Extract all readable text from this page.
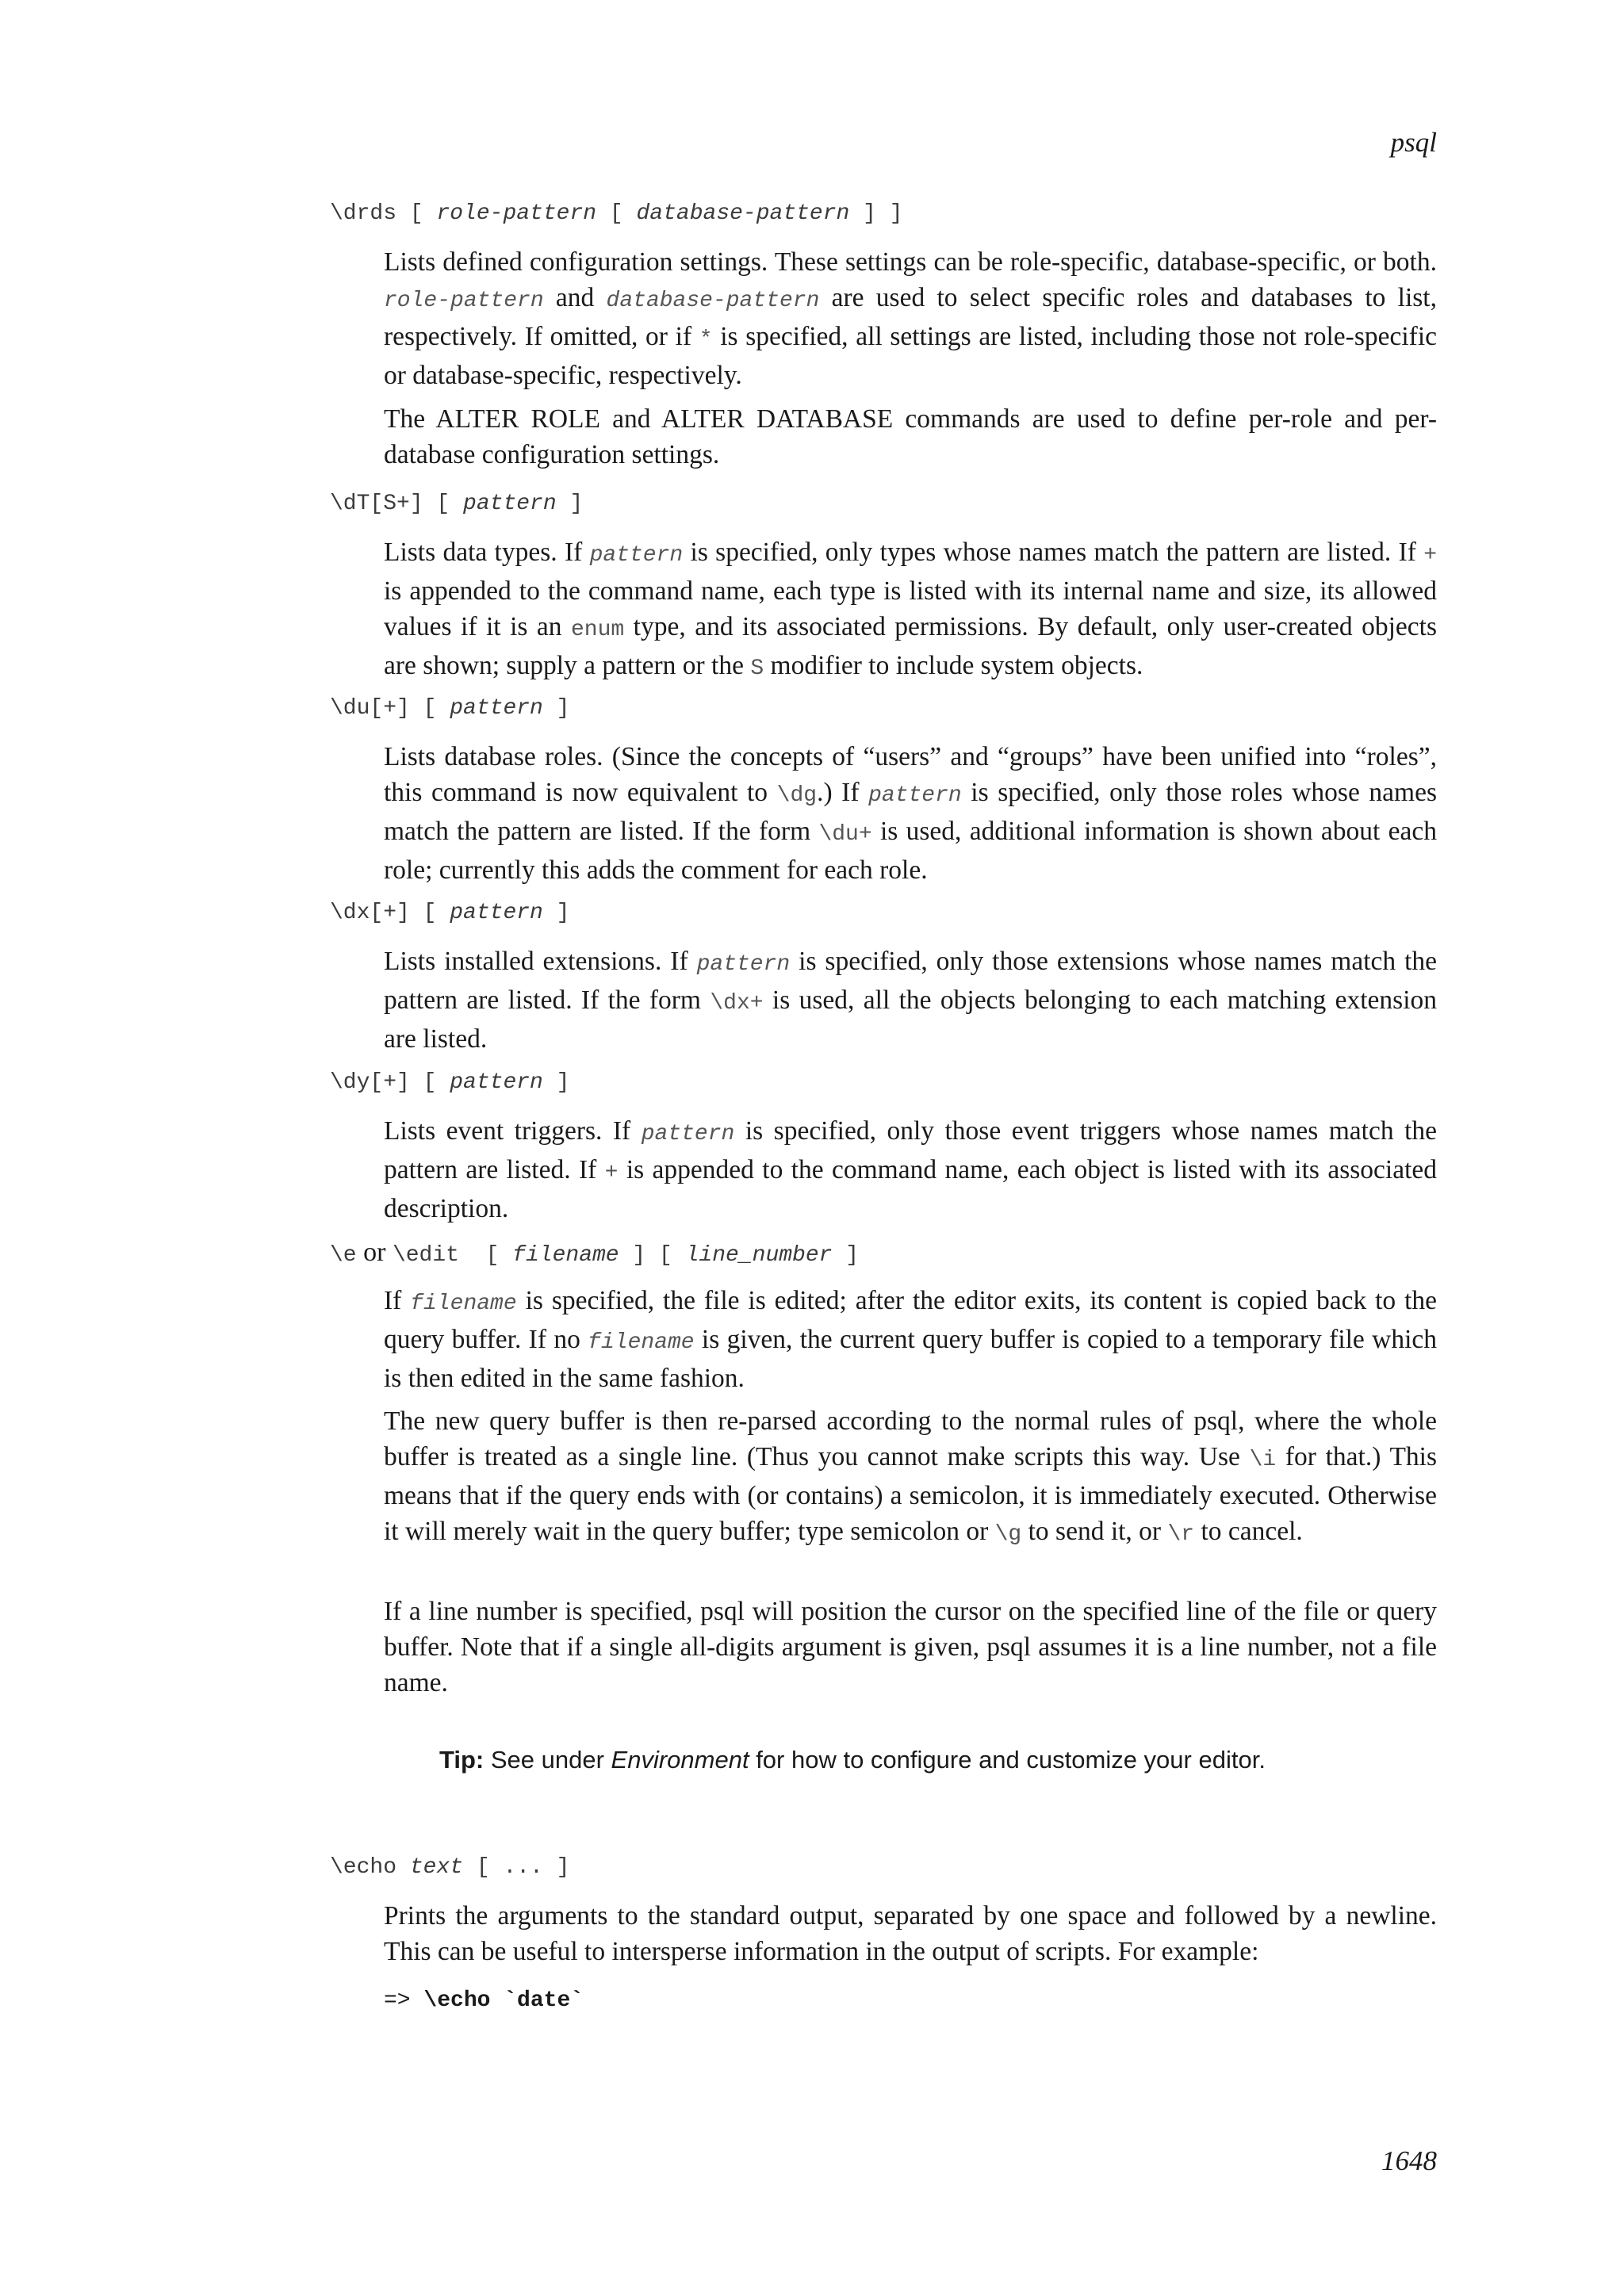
psql
\drds [ role-pattern [ database-pattern ] ]

Lists defined configuration settings. These settings can be role-specific, database-specific, or both. role-pattern and database-pattern are used to select specific roles and databases to list, respectively. If omitted, or if * is specified, all settings are listed, including those not role-specific or database-specific, respectively.

The ALTER ROLE and ALTER DATABASE commands are used to define per-role and per-database configuration settings.

\dT[S+] [ pattern ]

Lists data types. If pattern is specified, only types whose names match the pattern are listed. If + is appended to the command name, each type is listed with its internal name and size, its allowed values if it is an enum type, and its associated permissions. By default, only user-created objects are shown; supply a pattern or the S modifier to include system objects.

\du[+] [ pattern ]

Lists database roles. (Since the concepts of “users” and “groups” have been unified into “roles”, this command is now equivalent to \dg.) If pattern is specified, only those roles whose names match the pattern are listed. If the form \du+ is used, additional information is shown about each role; currently this adds the comment for each role.

\dx[+] [ pattern ]

Lists installed extensions. If pattern is specified, only those extensions whose names match the pattern are listed. If the form \dx+ is used, all the objects belonging to each matching extension are listed.

\dy[+] [ pattern ]

Lists event triggers. If pattern is specified, only those event triggers whose names match the pattern are listed. If + is appended to the command name, each object is listed with its associated description.

\e or \edit  [ filename ] [ line_number ]

If filename is specified, the file is edited; after the editor exits, its content is copied back to the query buffer. If no filename is given, the current query buffer is copied to a temporary file which is then edited in the same fashion.

The new query buffer is then re-parsed according to the normal rules of psql, where the whole buffer is treated as a single line. (Thus you cannot make scripts this way. Use \i for that.) This means that if the query ends with (or contains) a semicolon, it is immediately executed. Otherwise it will merely wait in the query buffer; type semicolon or \g to send it, or \r to cancel.

If a line number is specified, psql will position the cursor on the specified line of the file or query buffer. Note that if a single all-digits argument is given, psql assumes it is a line number, not a file name.

Tip: See under Environment for how to configure and customize your editor.

\echo text [ ... ]

Prints the arguments to the standard output, separated by one space and followed by a newline. This can be useful to intersperse information in the output of scripts. For example:

=> \echo `date`
1648
